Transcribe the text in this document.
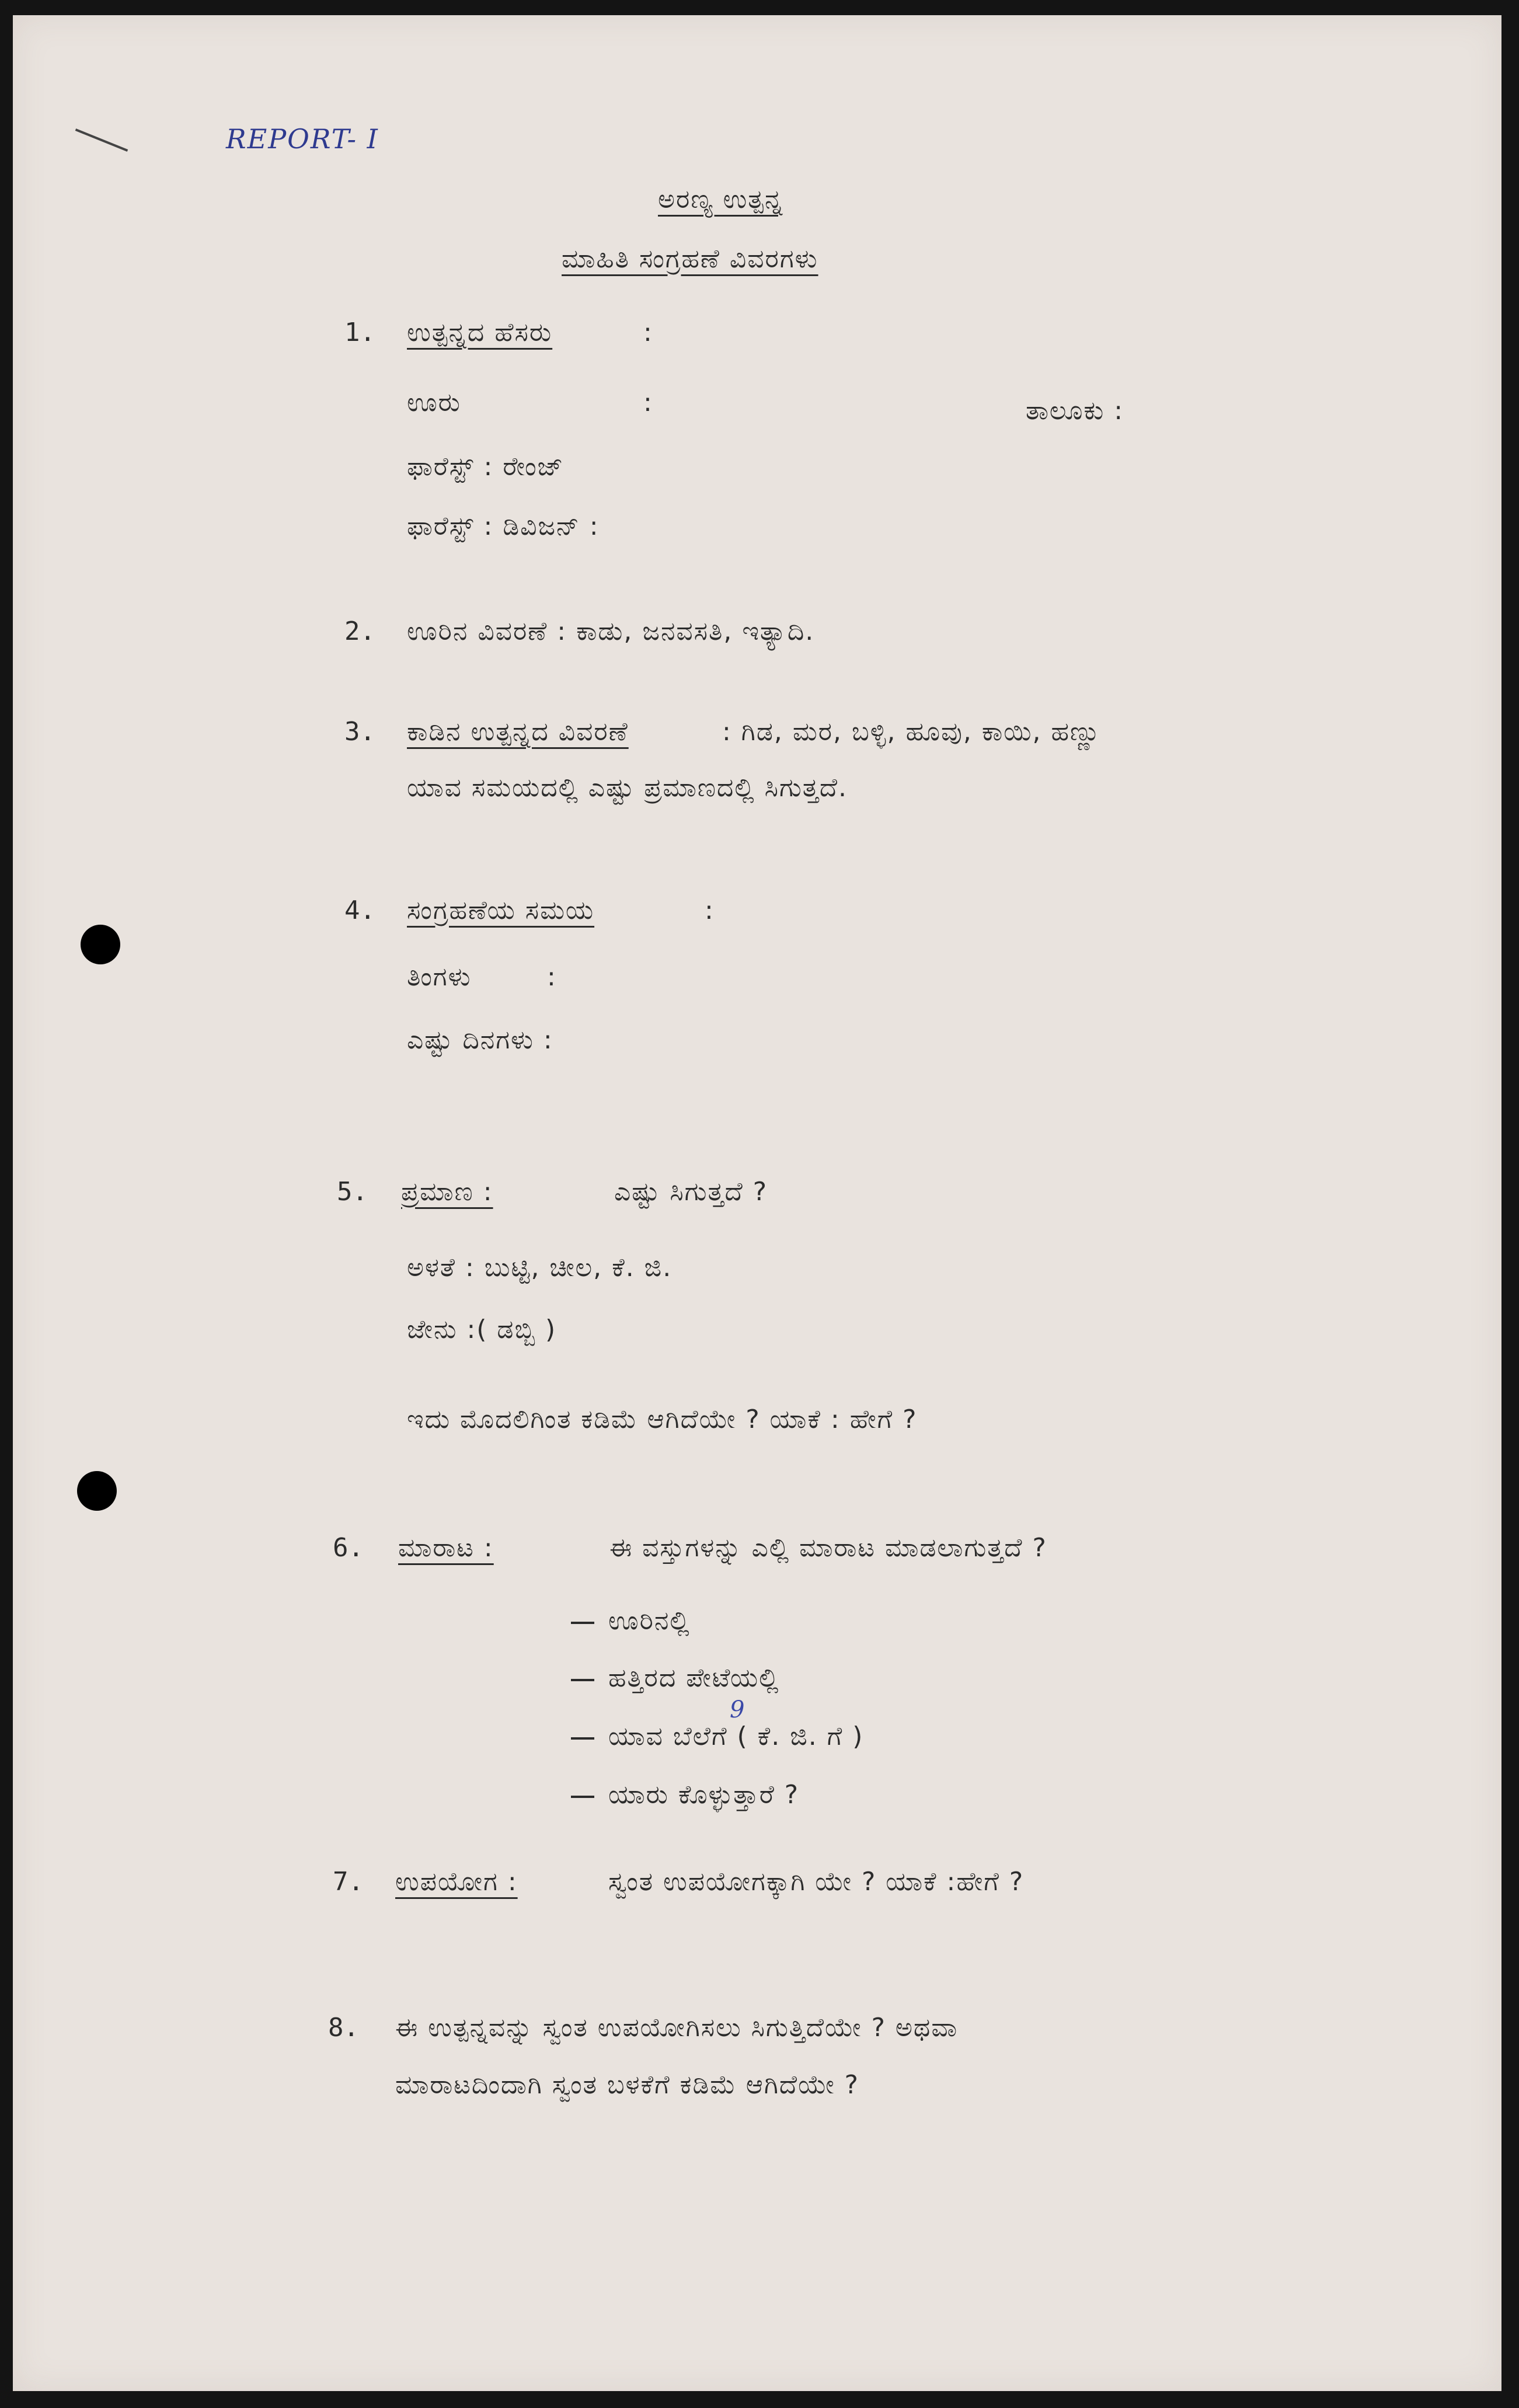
REPORT- I
ಅರಣ್ಯ ಉತ್ಪನ್ನ
ಮಾಹಿತಿ ಸಂಗ್ರಹಣೆ ವಿವರಗಳು
1. ಉತ್ಪನ್ನದ ಹೆಸರು	:
ಊರು	:	ತಾಲೂಕು :
ಫಾರೆಸ್ಟ್ : ರೇಂಜ್
ಫಾರೆಸ್ಟ್ : ಡಿವಿಜನ್ :
2. ಊರಿನ ವಿವರಣೆ : ಕಾಡು, ಜನವಸತಿ, ಇತ್ಯಾದಿ.
3. ಕಾಡಿನ ಉತ್ಪನ್ನದ ವಿವರಣೆ	: ಗಿಡ, ಮರ, ಬಳ್ಳಿ, ಹೂವು, ಕಾಯಿ, ಹಣ್ಣು
ಯಾವ ಸಮಯದಲ್ಲಿ ಎಷ್ಟು ಪ್ರಮಾಣದಲ್ಲಿ ಸಿಗುತ್ತದೆ.
4. ಸಂಗ್ರಹಣೆಯ ಸಮಯ	:
ತಿಂಗಳು	:
ಎಷ್ಟು ದಿನಗಳು :
5. ಪ್ರಮಾಣ :	ಎಷ್ಟು ಸಿಗುತ್ತದೆ ?
ಅಳತೆ : ಬುಟ್ಟಿ, ಚೀಲ, ಕೆ. ಜಿ.
ಜೇನು :( ಡಬ್ಬಿ )
ಇದು ಮೊದಲಿಗಿಂತ ಕಡಿಮೆ ಆಗಿದೆಯೇ ? ಯಾಕೆ : ಹೇಗೆ ?
6. ಮಾರಾಟ :	ಈ ವಸ್ತುಗಳನ್ನು ಎಲ್ಲಿ ಮಾರಾಟ ಮಾಡಲಾಗುತ್ತದೆ ?
ಊರಿನಲ್ಲಿ
ಹತ್ತಿರದ ಪೇಟೆಯಲ್ಲಿ
ಯಾವ ಬೆಲೆಗೆ ( ಕೆ. ಜಿ. ಗೆ )
9
ಯಾರು ಕೊಳ್ಳುತ್ತಾರೆ ?
7. ಉಪಯೋಗ :	ಸ್ವಂತ ಉಪಯೋಗಕ್ಕಾಗಿ ಯೇ ? ಯಾಕೆ :ಹೇಗೆ ?
8. ಈ ಉತ್ಪನ್ನವನ್ನು ಸ್ವಂತ ಉಪಯೋಗಿಸಲು ಸಿಗುತ್ತಿದೆಯೇ ? ಅಥವಾ
ಮಾರಾಟದಿಂದಾಗಿ ಸ್ವಂತ ಬಳಕೆಗೆ ಕಡಿಮೆ ಆಗಿದೆಯೇ ?
